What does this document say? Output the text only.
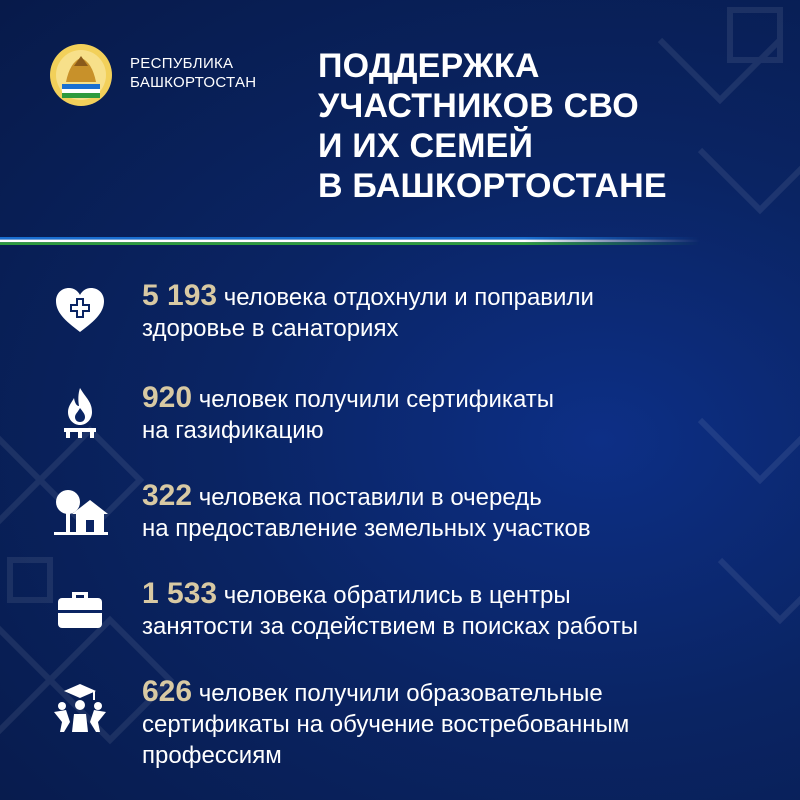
РЕСПУБЛИКА
БАШКОРТОСТАН ПОДДЕРЖКА
УЧАСТНИКОВ СВО
И ИХ СЕМЕЙ
В БАШКОРТОСТАНЕ
5 193 человека отдохнули и поправили
здоровье в санаториях
920 человек получили сертификаты
на газификацию
322 человека поставили в очередь
на предоставление земельных участков
1 533 человека обратились в центры
занятости за содействием в поисках работы
626 человек получили образовательные
сертификаты на обучение востребованным
профессиям
